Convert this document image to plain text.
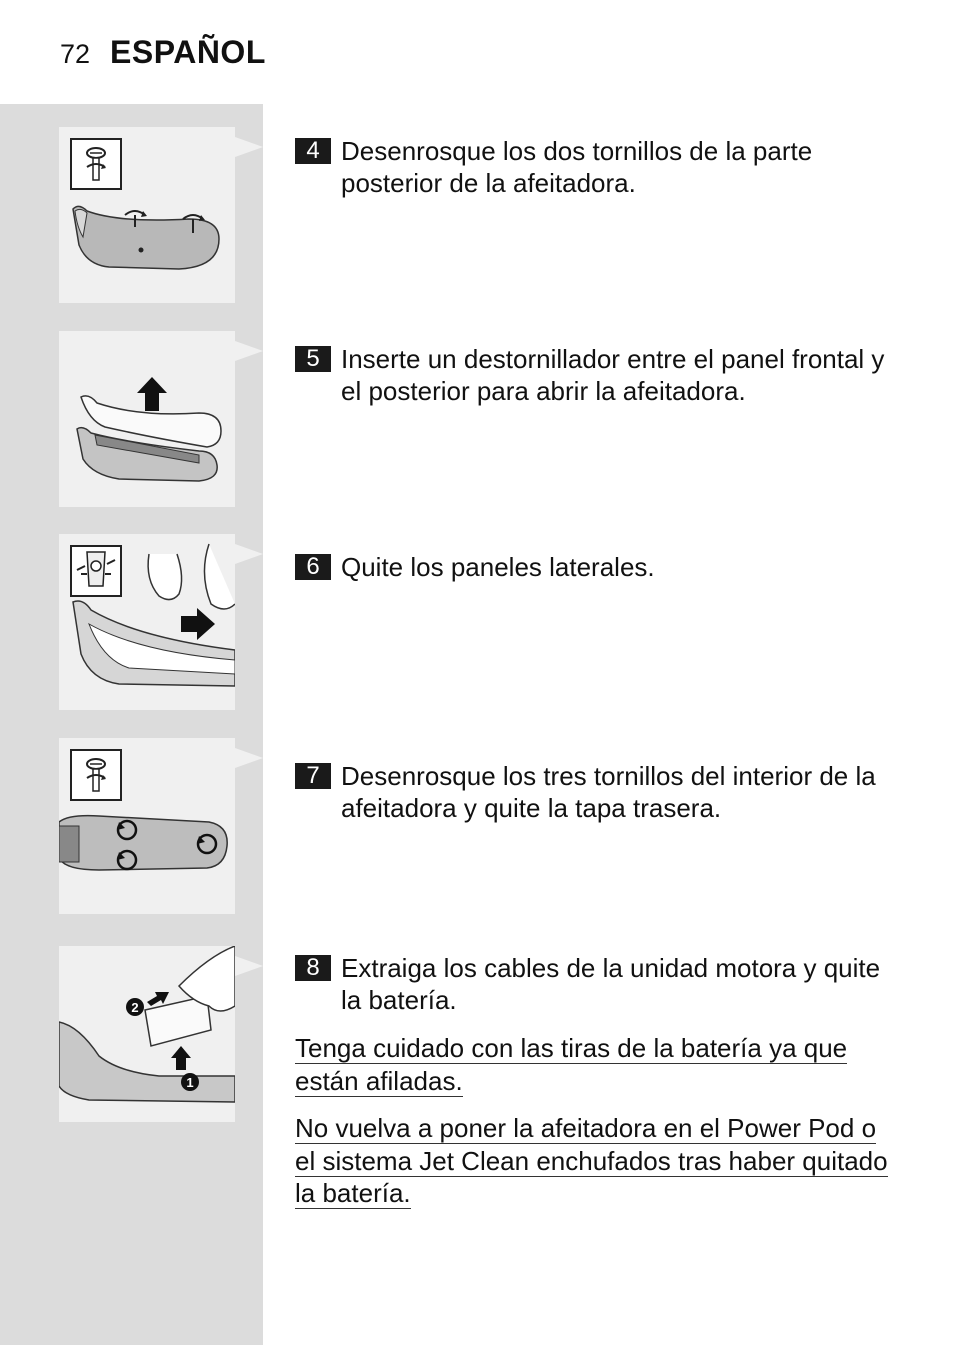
72 ESPAÑOL
2
1
4 Desenrosque los dos tornillos de la parte posterior de la afeitadora.
5 Inserte un destornillador entre el panel frontal y el posterior para abrir la afeitadora.
6 Quite los paneles laterales.
7 Desenrosque los tres tornillos del interior de la afeitadora y quite la tapa trasera.
8 Extraiga los cables de la unidad motora y quite la batería.
Tenga cuidado con las tiras de la batería ya que están afiladas.
No vuelva a poner la afeitadora en el Power Pod o el sistema Jet Clean enchufados tras haber quitado la batería.
